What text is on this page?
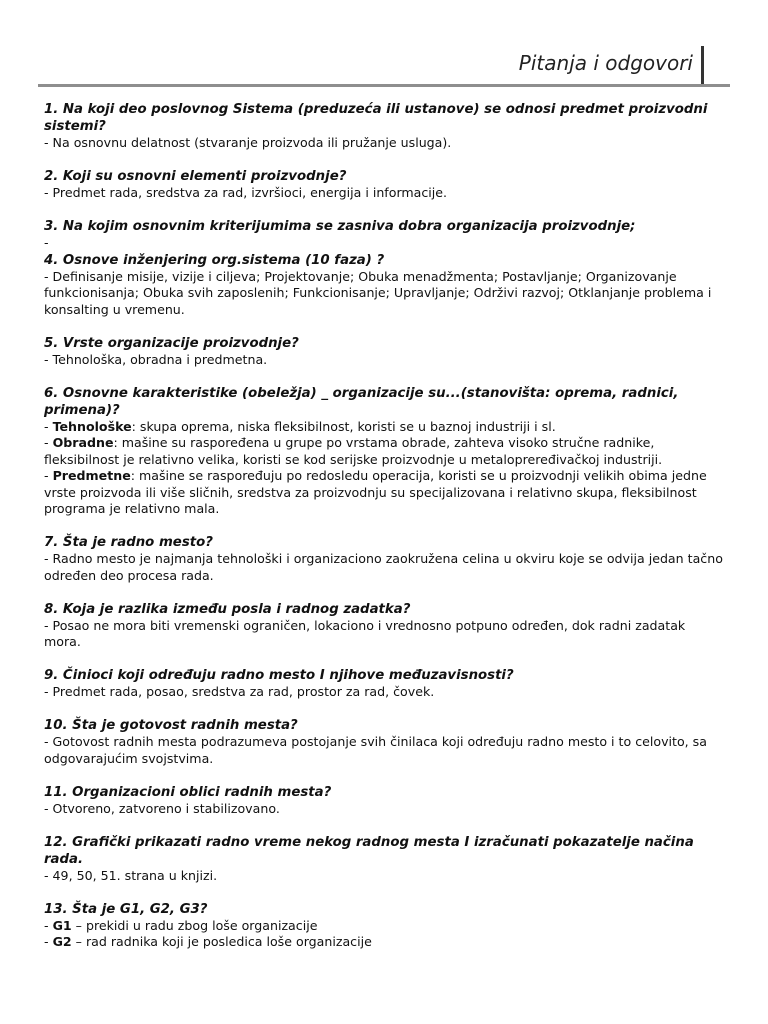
Pitanja i odgovori
1. Na koji deo poslovnog Sistema (preduzeća ili ustanove) se odnosi predmet proizvodni sistemi?
- Na osnovnu delatnost (stvaranje proizvoda ili pružanje usluga).
2. Koji su osnovni elementi proizvodnje?
- Predmet rada, sredstva za rad, izvršioci, energija i informacije.
3. Na kojim osnovnim kriterijumima se zasniva dobra organizacija proizvodnje;
-
4. Osnove inženjering org.sistema (10 faza) ?
- Definisanje misije, vizije i ciljeva; Projektovanje; Obuka menadžmenta; Postavljanje; Organizovanje funkcionisanja; Obuka svih zaposlenih; Funkcionisanje; Upravljanje; Održivi razvoj; Otklanjanje problema i konsalting u vremenu.
5. Vrste organizacije proizvodnje?
- Tehnološka, obradna i predmetna.
6. Osnovne karakteristike (obeležja) _ organizacije su...(stanovišta: oprema, radnici, primena)?
- Tehnološke: skupa oprema, niska fleksibilnost, koristi se u baznoj industriji i sl.
- Obradne: mašine su raspoređena u grupe po vrstama obrade, zahteva visoko stručne radnike, fleksibilnost je relativno velika, koristi se kod serijske proizvodnje u metalopreređivačkoj industriji.
- Predmetne: mašine se raspoređuju po redosledu operacija, koristi se u proizvodnji velikih obima jedne vrste proizvoda ili više sličnih, sredstva za proizvodnju su specijalizovana i relativno skupa, fleksibilnost programa je relativno mala.
7. Šta je radno mesto?
- Radno mesto je najmanja tehnološki i organizaciono zaokružena celina u okviru koje se odvija jedan tačno određen deo procesa rada.
8. Koja je razlika između posla i radnog zadatka?
- Posao ne mora biti vremenski ograničen, lokaciono i vrednosno potpuno određen, dok radni zadatak mora.
9. Činioci koji određuju radno mesto I njihove međuzavisnosti?
- Predmet rada, posao, sredstva za rad, prostor za rad, čovek.
10. Šta je gotovost radnih mesta?
- Gotovost radnih mesta podrazumeva postojanje svih činilaca koji određuju radno mesto i to celovito, sa odgovarajućim svojstvima.
11. Organizacioni oblici radnih mesta?
- Otvoreno, zatvoreno i stabilizovano.
12. Grafički prikazati radno vreme nekog radnog mesta I izračunati pokazatelje načina rada.
- 49, 50, 51. strana u knjizi.
13. Šta je G1, G2, G3?
- G1 – prekidi u radu zbog loše organizacije
- G2 – rad radnika koji je posledica loše organizacije
